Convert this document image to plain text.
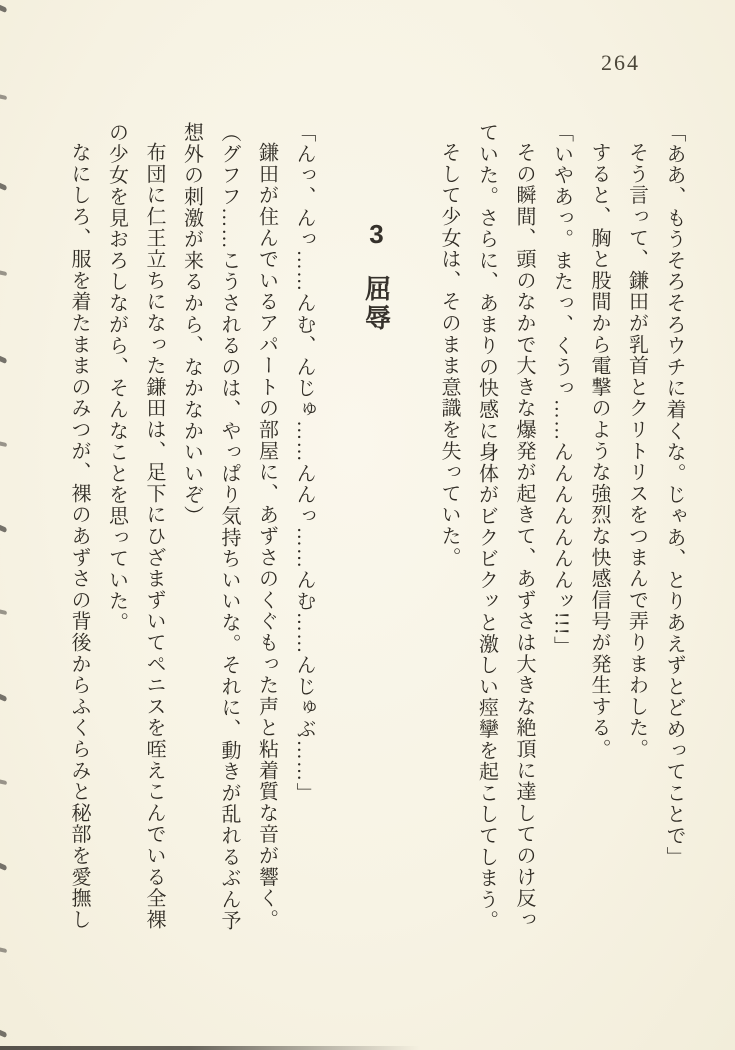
264
「ああ、もうそろそろウチに着くな。じゃあ、とりあえずとどめってことで」
そう言って、鎌田が乳首とクリトリスをつまんで弄りまわした。
すると、胸と股間から電撃のような強烈な快感信号が発生する。
「いやあっ。またっ、くうっ……んんんんんんんッ!!!」
その瞬間、頭のなかで大きな爆発が起きて、あずさは大きな絶頂に達してのけ反っ
ていた。さらに、あまりの快感に身体がビクビクッと激しい痙攣を起こしてしまう。
そして少女は、そのまま意識を失っていた。
3 屈辱
「んっ、んっ……んむ、んじゅ……んんっ……んむ……んじゅぶ……」
鎌田が住んでいるアパートの部屋に、あずさのくぐもった声と粘着質な音が響く。
（グフフ……こうされるのは、やっぱり気持ちいいな。それに、動きが乱れるぶん予
想外の刺激が来るから、なかなかいいぞ）
布団に仁王立ちになった鎌田は、足下にひざまずいてペニスを咥えこんでいる全裸
の少女を見おろしながら、そんなことを思っていた。
なにしろ、服を着たままのみつが、裸のあずさの背後からふくらみと秘部を愛撫し
